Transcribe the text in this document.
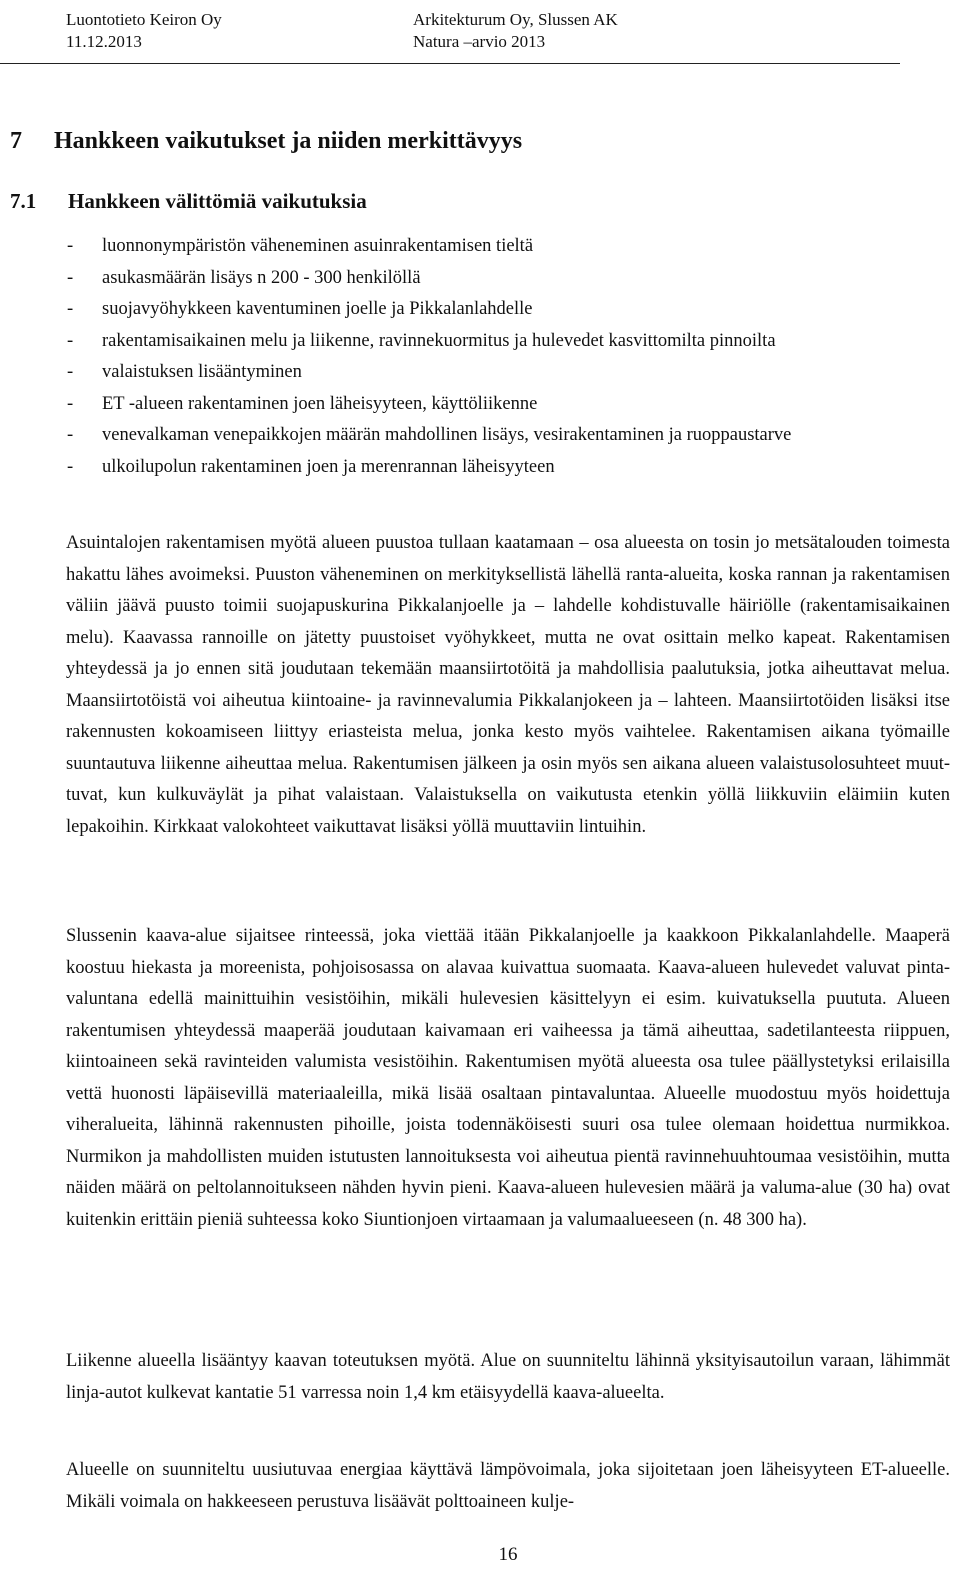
Luontotieto Keiron Oy
11.12.2013
Arkitekturum Oy, Slussen AK
Natura –arvio 2013
7 Hankkeen vaikutukset ja niiden merkittävyys
7.1 Hankkeen välittömiä vaikutuksia
- luonnonympäristön väheneminen asuinrakentamisen tieltä
- asukasmäärän lisäys n 200 - 300 henkilöllä
- suojavyöhykkeen kaventuminen joelle ja Pikkalanlahdelle
- rakentamisaikainen melu ja liikenne, ravinnekuormitus ja hulevedet kasvittomilta pinnoilta
- valaistuksen lisääntyminen
- ET -alueen rakentaminen joen läheisyyteen, käyttöliikenne
- venevalkaman venepaikkojen määrän mahdollinen lisäys, vesirakentaminen ja ruoppaustarve
- ulkoilupolun rakentaminen joen ja merenrannan läheisyyteen

Asuintalojen rakentamisen myötä alueen puustoa tullaan kaatamaan – osa alueesta on tosin jo metsätalouden toimesta hakattu lähes avoimeksi. Puuston väheneminen on merkityksellistä lähellä ranta-alueita, koska rannan ja rakentamisen väliin jäävä puusto toimii suojapuskurina Pikkalanjoelle ja – lahdelle kohdistuvalle häiriölle (rakentamisaikainen melu). Kaavassa rannoille on jätetty puustoiset vyöhykkeet, mutta ne ovat osittain melko kapeat. Rakentamisen yhteydessä ja jo ennen sitä joudutaan tekemään maansiirtotöitä ja mahdollisia paalutuksia, jotka aiheuttavat melua. Maansiirtotöistä voi aiheutua kiintoaine- ja ravinnevalumia Pikkalanjokeen ja – lahteen. Maansiirtotöiden lisäksi itse rakennusten kokoamiseen liittyy eriasteista melua, jonka kesto myös vaihtelee. Rakentamisen aikana työmaille suuntautuva liikenne aiheuttaa melua. Rakentumisen jälkeen ja osin myös sen aikana alueen valaistusolosuhteet muuttuvat, kun kulkuväylät ja pihat valaistaan. Valaistuksella on vaikutusta etenkin yöllä liikkuviin eläimiin kuten lepakoihin. Kirkkaat valokohteet vaikuttavat lisäksi yöllä muuttaviin lintuihin.

Slussenin kaava-alue sijaitsee rinteessä, joka viettää itään Pikkalanjoelle ja kaakkoon Pikkalanlahdelle. Maaperä koostuu hiekasta ja moreenista, pohjoisosassa on alavaa kuivattua suomaata. Kaava-alueen hulevedet valuvat pinta-valuntana edellä mainittuihin vesistöihin, mikäli hulevesien käsittelyyn ei esim. kuivatuksella puututa. Alueen rakentumisen yhteydessä maaperää joudutaan kaivamaan eri vaiheessa ja tämä aiheuttaa, sadetilanteesta riippuen, kiintoaineen sekä ravinteiden valumista vesistöihin. Rakentumisen myötä alueesta osa tulee päällystetyksi erilaisilla vettä huonosti läpäisevillä materiaaleilla, mikä lisää osaltaan pintavaluntaa. Alueelle muodostuu myös hoidettuja viheralueita, lähinnä rakennusten pihoille, joista todennäköisesti suuri osa tulee olemaan hoidettua nurmikkoa. Nurmikon ja mahdollisten muiden istutusten lannoituksesta voi aiheutua pientä ravinnehuuhtoumaa vesistöihin, mutta näiden määrä on peltolannoitukseen nähden hyvin pieni. Kaava-alueen hulevesien määrä ja valuma-alue (30 ha) ovat kuitenkin erittäin pieniä suhteessa koko Siuntionjoen virtaamaan ja valumaalueeseen (n. 48 300 ha).

Liikenne alueella lisääntyy kaavan toteutuksen myötä. Alue on suunniteltu lähinnä yksityisautoilun varaan, lähimmät linja-autot kulkevat kantatie 51 varressa noin 1,4 km etäisyydellä kaava-alueelta.

Alueelle on suunniteltu uusiutuvaa energiaa käyttävä lämpövoimala, joka sijoitetaan joen läheisyyteen ET-alueelle. Mikäli voimala on hakkeeseen perustuva lisäävät polttoaineen kulje-

16
